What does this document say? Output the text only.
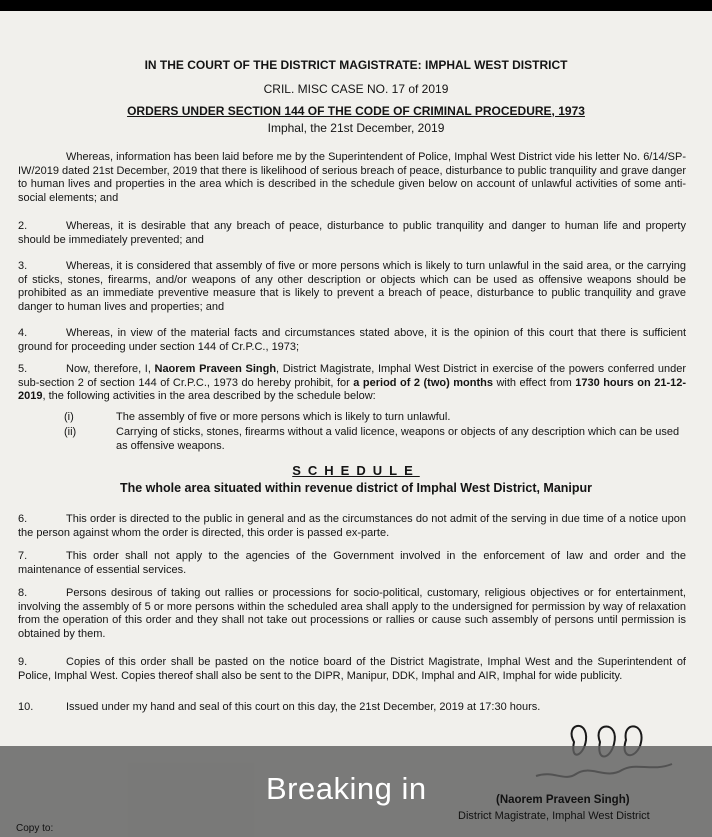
IN THE COURT OF THE DISTRICT MAGISTRATE: IMPHAL WEST DISTRICT
CRIL. MISC CASE NO. 17 of 2019
ORDERS UNDER SECTION 144 OF THE CODE OF CRIMINAL PROCEDURE, 1973
Imphal, the 21st December, 2019

Whereas, information has been laid before me by the Superintendent of Police, Imphal West District vide his letter No. 6/14/SP-IW/2019 dated 21st December, 2019 that there is likelihood of serious breach of peace, disturbance to public tranquility and grave danger to human lives and properties in the area which is described in the schedule given below on account of unlawful activities of some anti-social elements; and

2.	Whereas, it is desirable that any breach of peace, disturbance to public tranquility and danger to human life and property should be immediately prevented; and

3.	Whereas, it is considered that assembly of five or more persons which is likely to turn unlawful in the said area, or the carrying of sticks, stones, firearms, and/or weapons of any other description or objects which can be used as offensive weapons should be prohibited as an immediate preventive measure that is likely to prevent a breach of peace, disturbance to public tranquility and grave danger to human lives and properties; and

4.	Whereas, in view of the material facts and circumstances stated above, it is the opinion of this court that there is sufficient ground for proceeding under section 144 of Cr.P.C., 1973;

5.	Now, therefore, I, Naorem Praveen Singh, District Magistrate, Imphal West District in exercise of the powers conferred under sub-section 2 of section 144 of Cr.P.C., 1973 do hereby prohibit, for a period of 2 (two) months with effect from 1730 hours on 21-12-2019, the following activities in the area described by the schedule below:

(i)	The assembly of five or more persons which is likely to turn unlawful.
(ii)	Carrying of sticks, stones, firearms without a valid licence, weapons or objects of any description which can be used as offensive weapons.
SCHEDULE
The whole area situated within revenue district of Imphal West District, Manipur

6.	This order is directed to the public in general and as the circumstances do not admit of the serving in due time of a notice upon the person against whom the order is directed, this order is passed ex-parte.

7.	This order shall not apply to the agencies of the Government involved in the enforcement of law and order and the maintenance of essential services.

8.	Persons desirous of taking out rallies or processions for socio-political, customary, religious objectives or for entertainment, involving the assembly of 5 or more persons within the scheduled area shall apply to the undersigned for permission by way of relaxation from the operation of this order and they shall not take out processions or rallies or cause such assembly of persons until permission is obtained by them.

9.	Copies of this order shall be pasted on the notice board of the District Magistrate, Imphal West and the Superintendent of Police, Imphal West. Copies thereof shall also be sent to the DIPR, Manipur, DDK, Imphal and AIR, Imphal for wide publicity.

10.	Issued under my hand and seal of this court on this day, the 21st December, 2019 at 17:30 hours.

Breaking in	(Naorem Praveen Singh)
District Magistrate, Imphal West District
Copy to:
